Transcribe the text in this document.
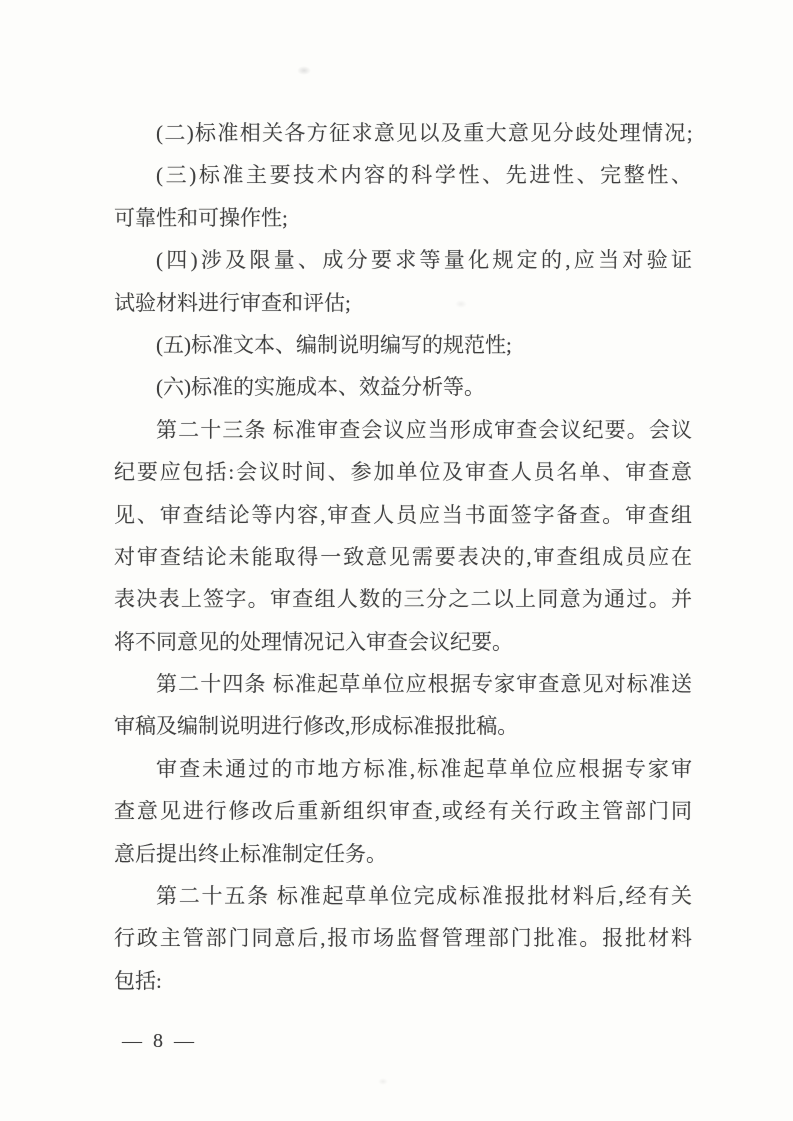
(二)标准相关各方征求意见以及重大意见分歧处理情况;
(三)标准主要技术内容的科学性、先进性、完整性、
可靠性和可操作性;
(四)涉及限量、成分要求等量化规定的,应当对验证
试验材料进行审查和评估;
(五)标准文本、编制说明编写的规范性;
(六)标准的实施成本、效益分析等。
第二十三条 标准审查会议应当形成审查会议纪要。会议
纪要应包括:会议时间、参加单位及审查人员名单、审查意
见、审查结论等内容,审查人员应当书面签字备查。审查组
对审查结论未能取得一致意见需要表决的,审查组成员应在
表决表上签字。审查组人数的三分之二以上同意为通过。并
将不同意见的处理情况记入审查会议纪要。
第二十四条 标准起草单位应根据专家审查意见对标准送
审稿及编制说明进行修改,形成标准报批稿。
审查未通过的市地方标准,标准起草单位应根据专家审
查意见进行修改后重新组织审查,或经有关行政主管部门同
意后提出终止标准制定任务。
第二十五条 标准起草单位完成标准报批材料后,经有关
行政主管部门同意后,报市场监督管理部门批准。报批材料
包括:
— 8 —
